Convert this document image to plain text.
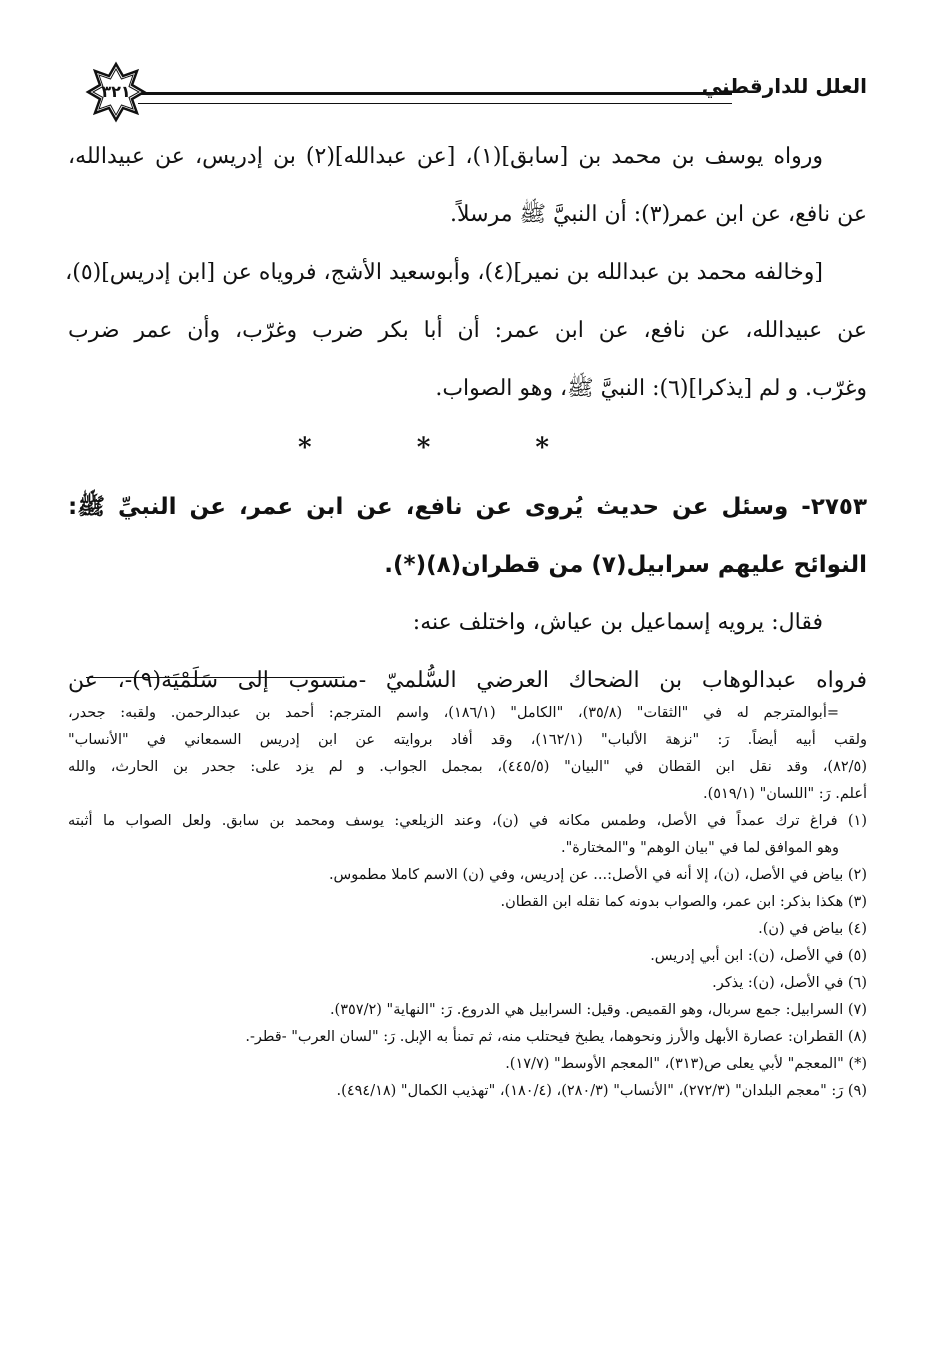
العلل للدارقطني
٣٢١
ورواه يوسف بن محمد بن [سابق](١)، [عن عبدالله](٢) بن إدريس، عن عبيدالله،
عن نافع، عن ابن عمر(٣): أن النبيَّ ﷺ مرسلاً.
[وخالفه محمد بن عبدالله بن نمير](٤)، وأبوسعيد الأشج، فروياه عن [ابن إدريس](٥)،
عن عبيدالله، عن نافع، عن ابن عمر: أن أبا بكر ضرب وغرّب، وأن عمر ضرب
وغرّب. و لم [يذكرا](٦): النبيَّ ﷺ، وهو الصواب.
* * *
٢٧٥٣- وسئل عن حديث يُروى عن نافع، عن ابن عمر، عن النبيِّ ﷺ:
النوائح عليهم سرابيل(٧) من قطران(٨)(*).
فقال: يرويه إسماعيل بن عياش، واختلف عنه:
فرواه عبدالوهاب بن الضحاك العرضي السُّلميّ -منسوب إلى سَلَمْيَة(٩)-، عن
=أبوالمترجم له في "الثقات" (٣٥/٨)، "الكامل" (١٨٦/١)، واسم المترجم: أحمد بن عبدالرحمن. ولقبه: جحدر،
ولقب أبيه أيضاً. رَ: "نزهة الألباب" (١٦٢/١)، وقد أفاد بروايته عن ابن إدريس السمعاني في "الأنساب"
(٨٢/٥)، وقد نقل ابن القطان في "البيان" (٤٤٥/٥)، بمجمل الجواب. و لم يزد على: جحدر بن الحارث، والله
أعلم. رَ: "اللسان" (٥١٩/١).
(١) فراغ ترك عمداً في الأصل، وطمس مكانه في (ن)، وعند الزيلعي: يوسف ومحمد بن سابق. ولعل الصواب ما أثبته
وهو الموافق لما في "بيان الوهم" و"المختارة".
(٢) بياض في الأصل، (ن)، إلا أنه في الأصل:... عن إدريس، وفي (ن) الاسم كاملا مطموس.
(٣) هكذا بذكر: ابن عمر، والصواب بدونه كما نقله ابن القطان.
(٤) بياض في (ن).
(٥) في الأصل، (ن): ابن أبي إدريس.
(٦) في الأصل، (ن): يذكر.
(٧) السرابيل: جمع سربال، وهو القميص. وقيل: السرابيل هي الدروع. رَ: "النهاية" (٣٥٧/٢).
(٨) القطران: عصارة الأبهل والأرز ونحوهما، يطبخ فيحتلب منه، ثم تمنأ به الإبل. رَ: "لسان العرب" -قطر-.
(*) "المعجم" لأبي يعلى ص(٣١٣)، "المعجم الأوسط" (١٧/٧).
(٩) رَ: "معجم البلدان" (٢٧٢/٣)، "الأنساب" (٢٨٠/٣)، (١٨٠/٤)، "تهذيب الكمال" (٤٩٤/١٨).
